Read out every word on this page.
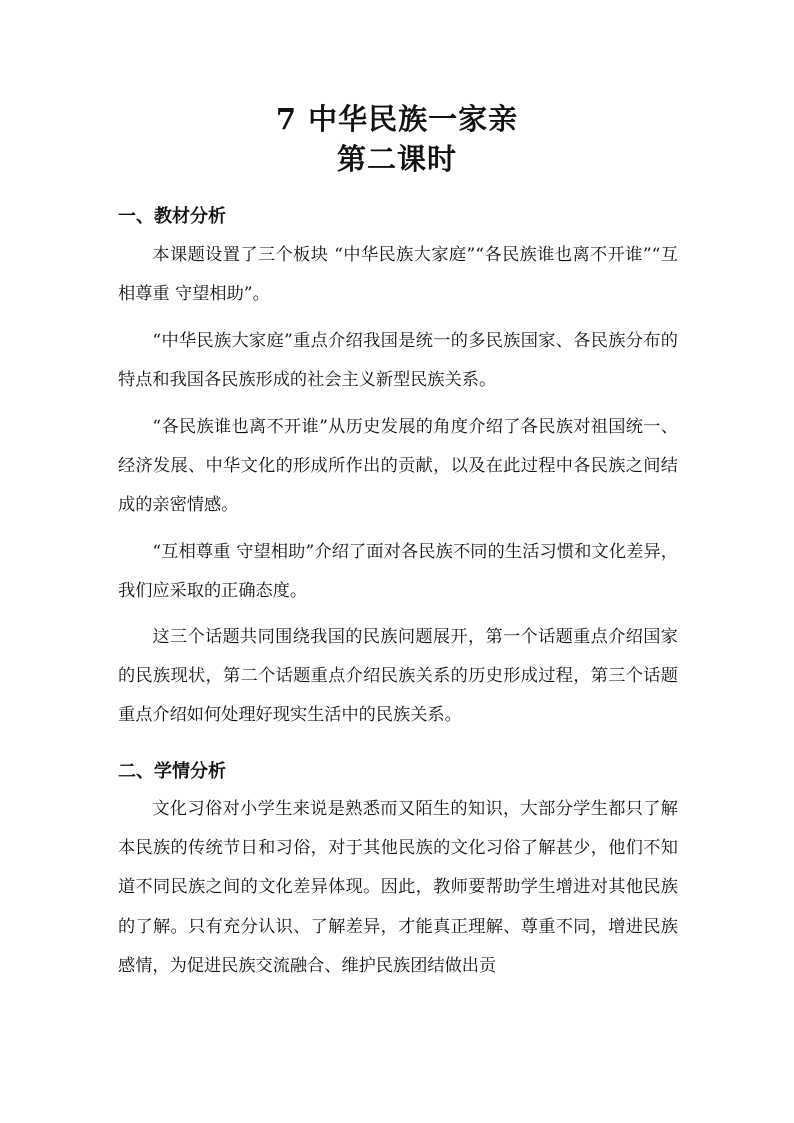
7 中华民族一家亲
第二课时
一、教材分析

本课题设置了三个板块 “中华民族大家庭”“各民族谁也离不开谁”“互相尊重 守望相助”。

“中华民族大家庭”重点介绍我国是统一的多民族国家、各民族分布的特点和我国各民族形成的社会主义新型民族关系。

“各民族谁也离不开谁”从历史发展的角度介绍了各民族对祖国统一、经济发展、中华文化的形成所作出的贡献，以及在此过程中各民族之间结成的亲密情感。

“互相尊重 守望相助”介绍了面对各民族不同的生活习惯和文化差异，我们应采取的正确态度。

这三个话题共同围绕我国的民族问题展开，第一个话题重点介绍国家的民族现状，第二个话题重点介绍民族关系的历史形成过程，第三个话题重点介绍如何处理好现实生活中的民族关系。

二、学情分析

文化习俗对小学生来说是熟悉而又陌生的知识，大部分学生都只了解本民族的传统节日和习俗，对于其他民族的文化习俗了解甚少，他们不知道不同民族之间的文化差异体现。因此，教师要帮助学生增进对其他民族的了解。只有充分认识、了解差异，才能真正理解、尊重不同，增进民族感情，为促进民族交流融合、维护民族团结做出贡
